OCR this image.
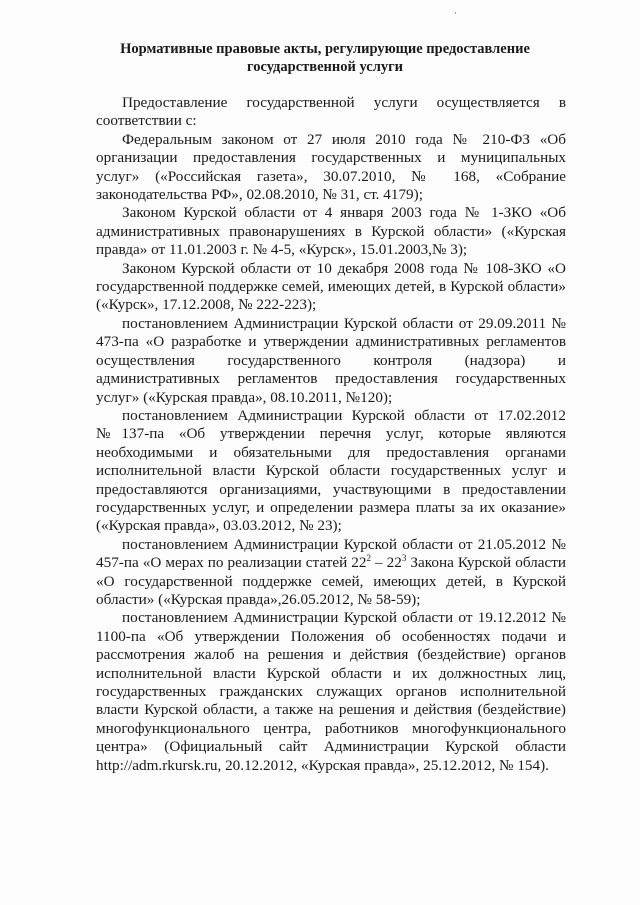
Нормативные правовые акты, регулирующие предоставление
государственной услуги

Предоставление государственной услуги осуществляется в соответствии с:

Федеральным законом от 27 июля 2010 года № 210-ФЗ «Об организации предоставления государственных и муниципальных услуг» («Российская газета», 30.07.2010, № 168, «Собрание законодательства РФ», 02.08.2010, № 31, ст. 4179);

Законом Курской области от 4 января 2003 года № 1-ЗКО «Об административных правонарушениях в Курской области» («Курская правда» от 11.01.2003 г. № 4-5, «Курск», 15.01.2003,№ 3);

Законом Курской области от 10 декабря 2008 года № 108-ЗКО «О государственной поддержке семей, имеющих детей, в Курской области» («Курск», 17.12.2008, № 222-223);

постановлением Администрации Курской области от 29.09.2011 № 473-па «О разработке и утверждении административных регламентов осуществления государственного контроля (надзора) и административных регламентов предоставления государственных услуг» («Курская правда», 08.10.2011, №120);

постановлением Администрации Курской области от 17.02.2012 №137-па «Об утверждении перечня услуг, которые являются необходимыми и обязательными для предоставления органами исполнительной власти Курской области государственных услуг и предоставляются организациями, участвующими в предоставлении государственных услуг, и определении размера платы за их оказание» («Курская правда», 03.03.2012, № 23);

постановлением Администрации Курской области от 21.05.2012 № 457-па «О мерах по реализации статей $22^2 - 22^3$ Закона Курской области «О государственной поддержке семей, имеющих детей, в Курской области» («Курская правда»,26.05.2012, № 58-59);

постановлением Администрации Курской области от 19.12.2012 № 1100-па «Об утверждении Положения об особенностях подачи и рассмотрения жалоб на решения и действия (бездействие) органов исполнительной власти Курской области и их должностных лиц, государственных гражданских служащих органов исполнительной власти Курской области, а также на решения и действия (бездействие) многофункционального центра, работников многофункционального центра» (Официальный сайт Администрации Курской области http://adm.rkursk.ru, 20.12.2012, «Курская правда», 25.12.2012, № 154).
